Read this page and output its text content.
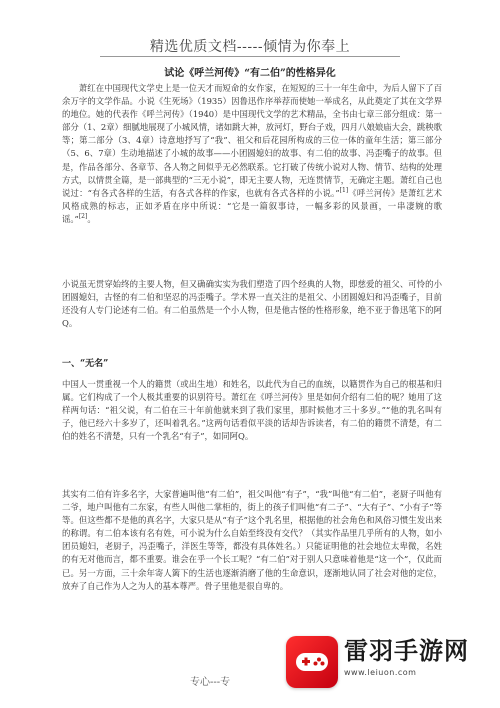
精选优质文档-----倾情为你奉上
试论《呼兰河传》“有二伯”的性格异化

萧红在中国现代文学史上是一位天才而短命的女作家，在短短的三十一年生命中，为后人留下了百余万字的文学作品。小说《生死场》（1935）因鲁迅作序举荐而使她一举成名，从此奠定了其在文学界的地位。她的代表作《呼兰河传》（1940）是中国现代文学的艺术精品，全书由七章三部分组成：第一部分（1、2章）细腻地展现了小城风情，诸如跳大神，放河灯，野台子戏，四月八娘娘庙大会，跳秧歌等；第二部分（3、4章）诗意地抒写了“我”、祖父和后花园所构成的三位一体的童年生活；第三部分（5、6、7章）生动地描述了小城的故事——小团圆媳妇的故事、有二伯的故事、冯歪嘴子的故事。但是，作品各部分、各章节、各人物之间似乎无必然联系。它打破了传统小说对人物、情节、结构的处理方式，以情贯全篇，是一部典型的“三无小说”，即无主要人物，无连贯情节，无确定主题。萧红自己也说过：“有各式各样的生活，有各式各样的作家，也就有各式各样的小说。”[1]《呼兰河传》是萧红艺术风格成熟的标志，正如矛盾在序中所说：“它是一篇叙事诗，一幅多彩的风景画，一串凄婉的歌谣。”[2]。

小说虽无贯穿始终的主要人物，但又确确实实为我们塑造了四个经典的人物，即慈爱的祖父、可怜的小团圆媳妇，古怪的有二伯和坚忍的冯歪嘴子。学术界一直关注的是祖父、小团圆媳妇和冯歪嘴子，目前还没有人专门论述有二伯。有二伯虽然是一个小人物，但是他古怪的性格形象，绝不亚于鲁迅笔下的阿Q。

一、“无名”

中国人一贯重视一个人的籍贯（或出生地）和姓名，以此代为自己的血统，以籍贯作为自己的根基和归属。它们构成了一个人极其重要的识别符号。萧红在《呼兰河传》里是如何介绍有二伯的呢？她用了这样两句话：“祖父说，有二伯在三十年前他就来到了我们家里，那时候他才三十多岁。”“他的乳名叫有子，他已经六十多岁了，还叫着乳名。”这两句话看似平淡的话却告诉读者，有二伯的籍贯不清楚，有二伯的姓名不清楚，只有一个乳名“有子”，如同阿Q。

其实有二伯有许多名字，大家普遍叫他“有二伯”，祖父叫他“有子”，“我”叫他“有二伯”，老厨子叫他有二爷，地户叫他有二东家，有些人叫他二掌柜的，街上的孩子们叫他“有二子”、“大有子”、“小有子”等等。但这些都不是他的真名字，大家只是从“有子”这个乳名里，根据他的社会角色和风俗习惯生发出来的称谓。有二伯本该有名有姓，可小说为什么自始至终没有交代？（其实作品里几乎所有的人物，如小团员媳妇，老厨子，冯歪嘴子，洋医生等等，都没有具体姓名。）只能证明他的社会地位太卑微，名姓的有无对他而言，都不重要。谁会在乎一个长工呢？“有二伯”对于别人只意味着他是“这一个”，仅此而已。另一方面，三十余年寄人篱下的生活也逐渐消磨了他的生命意识，逐渐地认同了社会对他的定位，放弃了自己作为人之为人的基本尊严。骨子里他是很自卑的。

专心---专
雷羽手游网
www.leiuon.com
